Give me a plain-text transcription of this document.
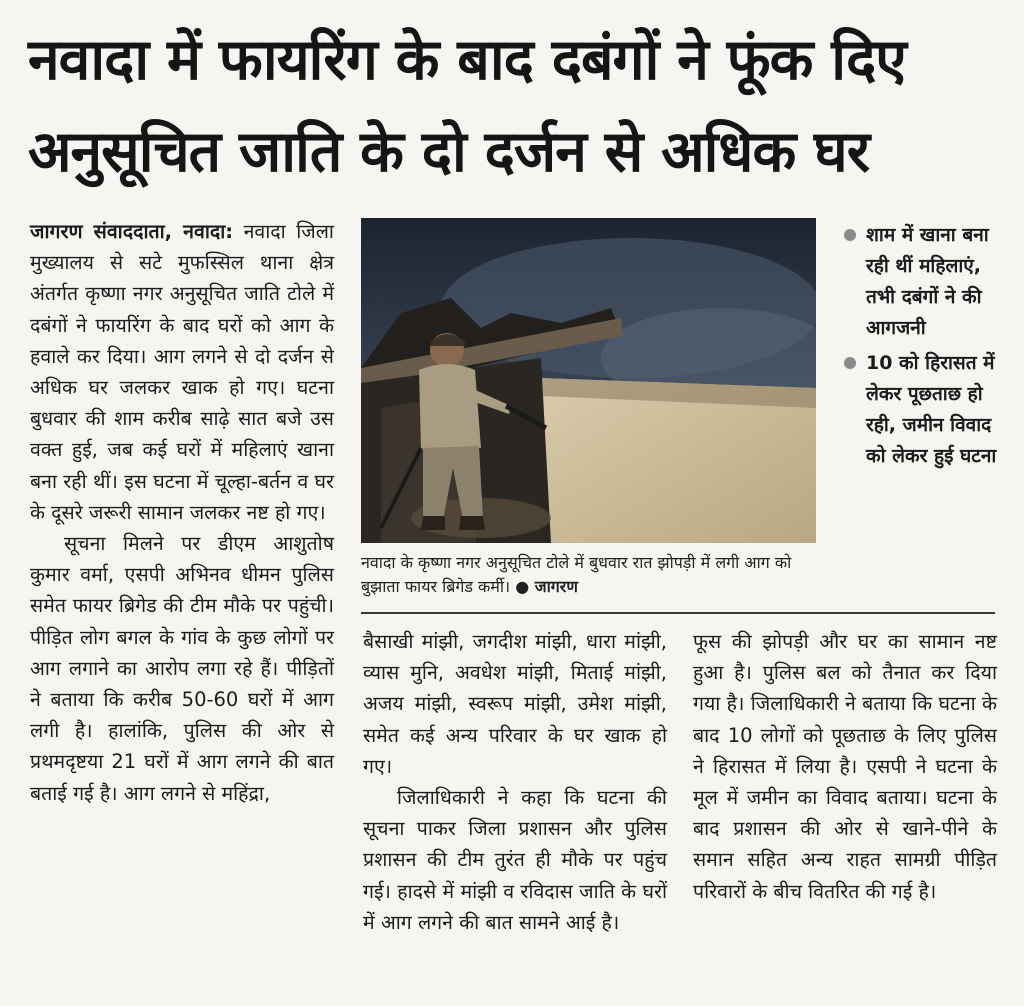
नवादा में फायरिंग के बाद दबंगों ने फूंक दिए
अनुसूचित जाति के दो दर्जन से अधिक घर

जागरण संवाददाता, नवादा: नवादा जिला मुख्यालय से सटे मुफस्सिल थाना क्षेत्र अंतर्गत कृष्णा नगर अनुसूचित जाति टोले में दबंगों ने फायरिंग के बाद घरों को आग के हवाले कर दिया। आग लगने से दो दर्जन से अधिक घर जलकर खाक हो गए। घटना बुधवार की शाम करीब साढ़े सात बजे उस वक्त हुई, जब कई घरों में महिलाएं खाना बना रही थीं। इस घटना में चूल्हा-बर्तन व घर के दूसरे जरूरी सामान जलकर नष्ट हो गए।

सूचना मिलने पर डीएम आशुतोष कुमार वर्मा, एसपी अभिनव धीमन पुलिस समेत फायर ब्रिगेड की टीम मौके पर पहुंची। पीड़ित लोग बगल के गांव के कुछ लोगों पर आग लगाने का आरोप लगा रहे हैं। पीड़ितों ने बताया कि करीब 50-60 घरों में आग लगी है। हालांकि, पुलिस की ओर से प्रथमदृष्टया 21 घरों में आग लगने की बात बताई गई है। आग लगने से महिंद्रा,

नवादा के कृष्णा नगर अनुसूचित टोले में बुधवार रात झोपड़ी में लगी आग को बुझाता फायर ब्रिगेड कर्मी। ● जागरण
शाम में खाना बना रही थीं महिलाएं, तभी दबंगों ने की आगजनी
10 को हिरासत में लेकर पूछताछ हो रही, जमीन विवाद को लेकर हुई घटना

बैसाखी मांझी, जगदीश मांझी, धारा मांझी, व्यास मुनि, अवधेश मांझी, मिताई मांझी, अजय मांझी, स्वरूप मांझी, उमेश मांझी, समेत कई अन्य परिवार के घर खाक हो गए।

जिलाधिकारी ने कहा कि घटना की सूचना पाकर जिला प्रशासन और पुलिस प्रशासन की टीम तुरंत ही मौके पर पहुंच गई। हादसे में मांझी व रविदास जाति के घरों में आग लगने की बात सामने आई है।

फूस की झोपड़ी और घर का सामान नष्ट हुआ है। पुलिस बल को तैनात कर दिया गया है। जिलाधिकारी ने बताया कि घटना के बाद 10 लोगों को पूछताछ के लिए पुलिस ने हिरासत में लिया है। एसपी ने घटना के मूल में जमीन का विवाद बताया। घटना के बाद प्रशासन की ओर से खाने-पीने के समान सहित अन्य राहत सामग्री पीड़ित परिवारों के बीच वितरित की गई है।
